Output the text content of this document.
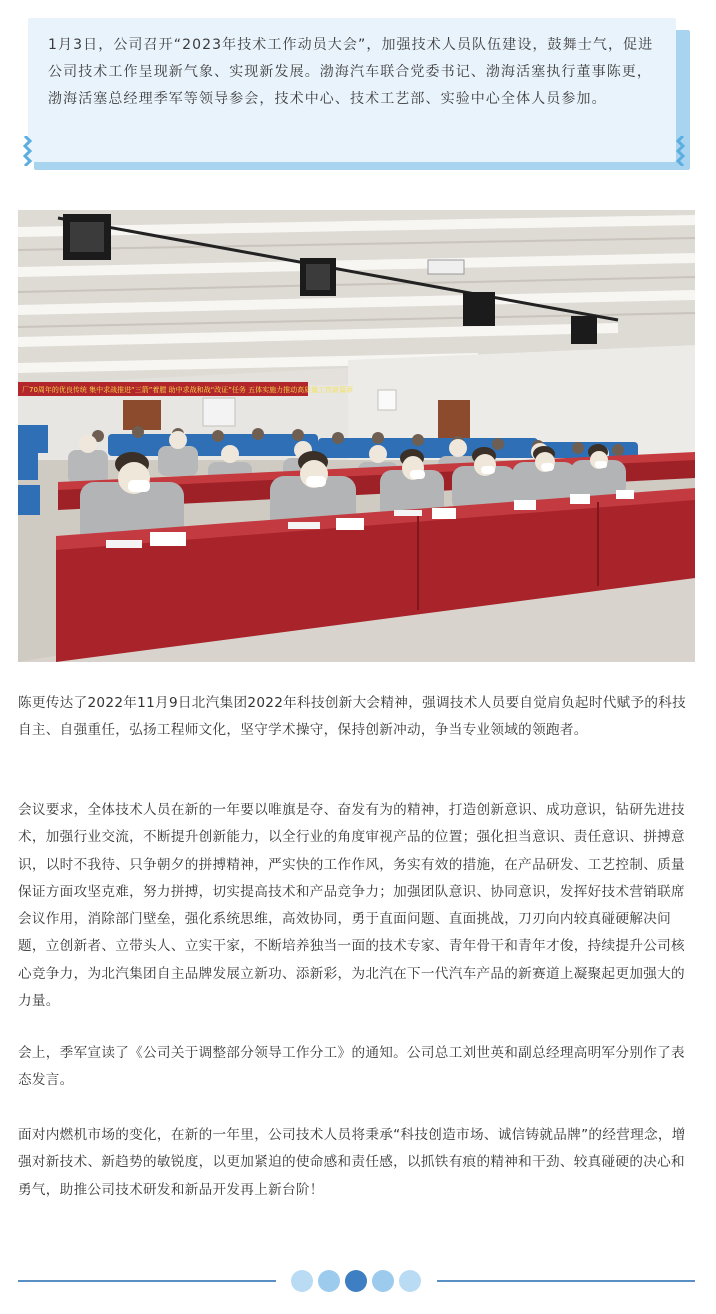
1月3日，公司召开“2023年技术工作动员大会”，加强技术人员队伍建设，鼓舞士气，促进公司技术工作呈现新气象、实现新发展。渤海汽车联合党委书记、渤海活塞执行董事陈更，渤海活塞总经理季军等领导参会，技术中心、技术工艺部、实验中心全体人员参加。

厂70周年的优良传统 集中求战推进“三箭”着膛 助中求战和战“改证”任务 五体实施力推动高质量工作新篇章

陈更传达了2022年11月9日北汽集团2022年科技创新大会精神，强调技术人员要自觉肩负起时代赋予的科技自主、自强重任，弘扬工程师文化，坚守学术操守，保持创新冲动，争当专业领域的领跑者。

会议要求，全体技术人员在新的一年要以唯旗是夺、奋发有为的精神，打造创新意识、成功意识，钻研先进技术，加强行业交流，不断提升创新能力，以全行业的角度审视产品的位置；强化担当意识、责任意识、拼搏意识，以时不我待、只争朝夕的拼搏精神，严实快的工作作风，务实有效的措施，在产品研发、工艺控制、质量保证方面攻坚克难，努力拼搏，切实提高技术和产品竞争力；加强团队意识、协同意识，发挥好技术营销联席会议作用，消除部门壁垒，强化系统思维，高效协同，勇于直面问题、直面挑战，刀刃向内较真碰硬解决问题，立创新者、立带头人、立实干家，不断培养独当一面的技术专家、青年骨干和青年才俊，持续提升公司核心竞争力，为北汽集团自主品牌发展立新功、添新彩，为北汽在下一代汽车产品的新赛道上凝聚起更加强大的力量。

会上，季军宣读了《公司关于调整部分领导工作分工》的通知。公司总工刘世英和副总经理高明军分别作了表态发言。

面对内燃机市场的变化，在新的一年里，公司技术人员将秉承“科技创造市场、诚信铸就品牌”的经营理念，增强对新技术、新趋势的敏锐度，以更加紧迫的使命感和责任感，以抓铁有痕的精神和干劲、较真碰硬的决心和勇气，助推公司技术研发和新品开发再上新台阶！
